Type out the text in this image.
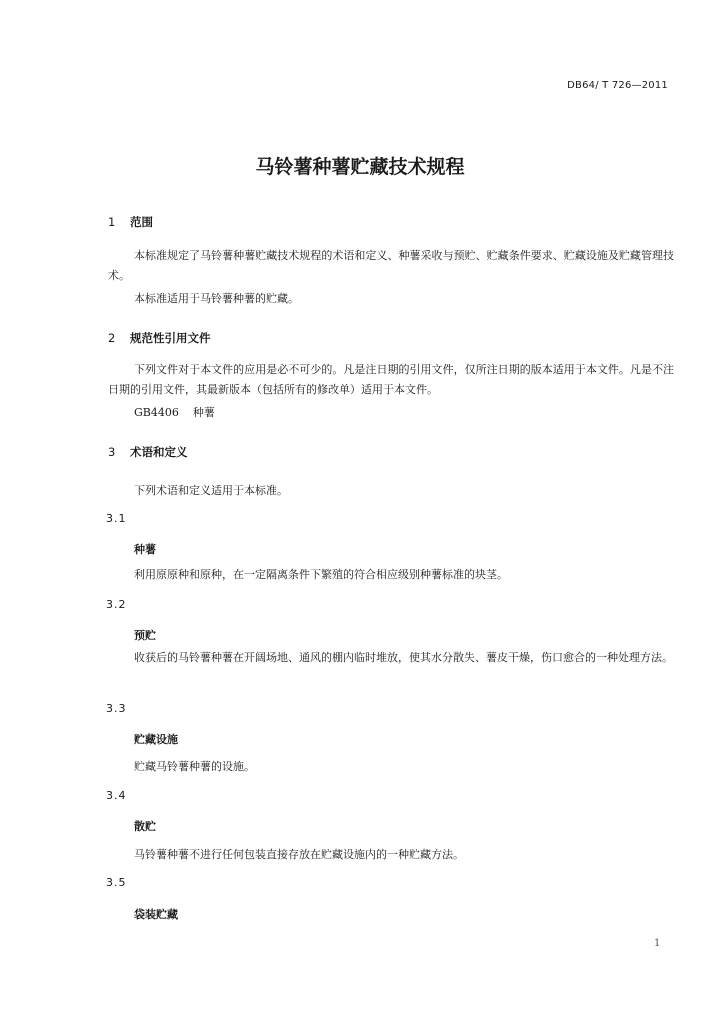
DB64/ T 726—2011
马铃薯种薯贮藏技术规程
1 范围
本标准规定了马铃薯种薯贮藏技术规程的术语和定义、种薯采收与预贮、贮藏条件要求、贮藏设施及贮藏管理技术。
本标准适用于马铃薯种薯的贮藏。
2 规范性引用文件
下列文件对于本文件的应用是必不可少的。凡是注日期的引用文件，仅所注日期的版本适用于本文件。凡是不注日期的引用文件，其最新版本（包括所有的修改单）适用于本文件。
GB4406 种薯
3 术语和定义
下列术语和定义适用于本标准。
3.1
种薯
利用原原种和原种，在一定隔离条件下繁殖的符合相应级别种薯标准的块茎。
3.2
预贮
收获后的马铃薯种薯在开阔场地、通风的棚内临时堆放，使其水分散失、薯皮干燥，伤口愈合的一种处理方法。
3.3
贮藏设施
贮藏马铃薯种薯的设施。
3.4
散贮
马铃薯种薯不进行任何包装直接存放在贮藏设施内的一种贮藏方法。
3.5
袋装贮藏
1
